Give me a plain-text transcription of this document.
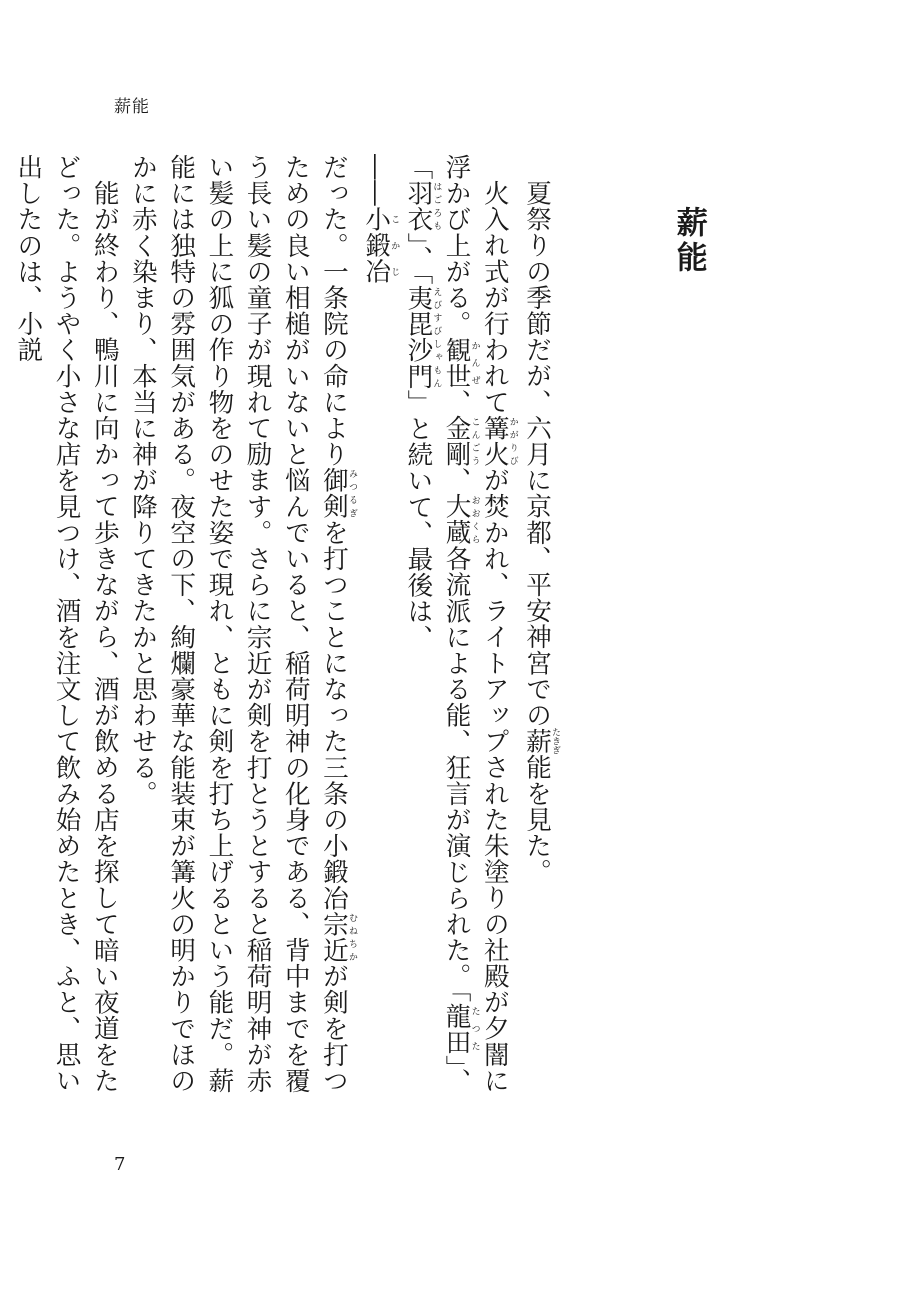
薪能
薪能

夏祭りの季節だが、六月に京都、平安神宮での薪たきぎ能を見た。

火入れ式が行われて篝火かがりびが焚かれ、ライトアップされた朱塗りの社殿が夕闇に浮かび上がる。観世かんぜ、金剛こんごう、大蔵おおくら各流派による能、狂言が演じられた。「龍田たつた」、「羽衣はごろも」、「夷毘沙門えびすびしゃもん」と続いて、最後は、

――小鍛冶こかじ

だった。一条院の命により御剣みつるぎを打つことになった三条の小鍛冶宗近むねちかが剣を打つための良い相槌がいないと悩んでいると、稲荷明神の化身である、背中までを覆う長い髪の童子が現れて励ます。さらに宗近が剣を打とうとすると稲荷明神が赤い髪の上に狐の作り物をのせた姿で現れ、ともに剣を打ち上げるという能だ。薪能には独特の雰囲気がある。夜空の下、絢爛豪華な能装束が篝火の明かりでほのかに赤く染まり、本当に神が降りてきたかと思わせる。

能が終わり、鴨川に向かって歩きながら、酒が飲める店を探して暗い夜道をたどった。ようやく小さな店を見つけ、酒を注文して飲み始めたとき、ふと、思い出したのは、小説

7
